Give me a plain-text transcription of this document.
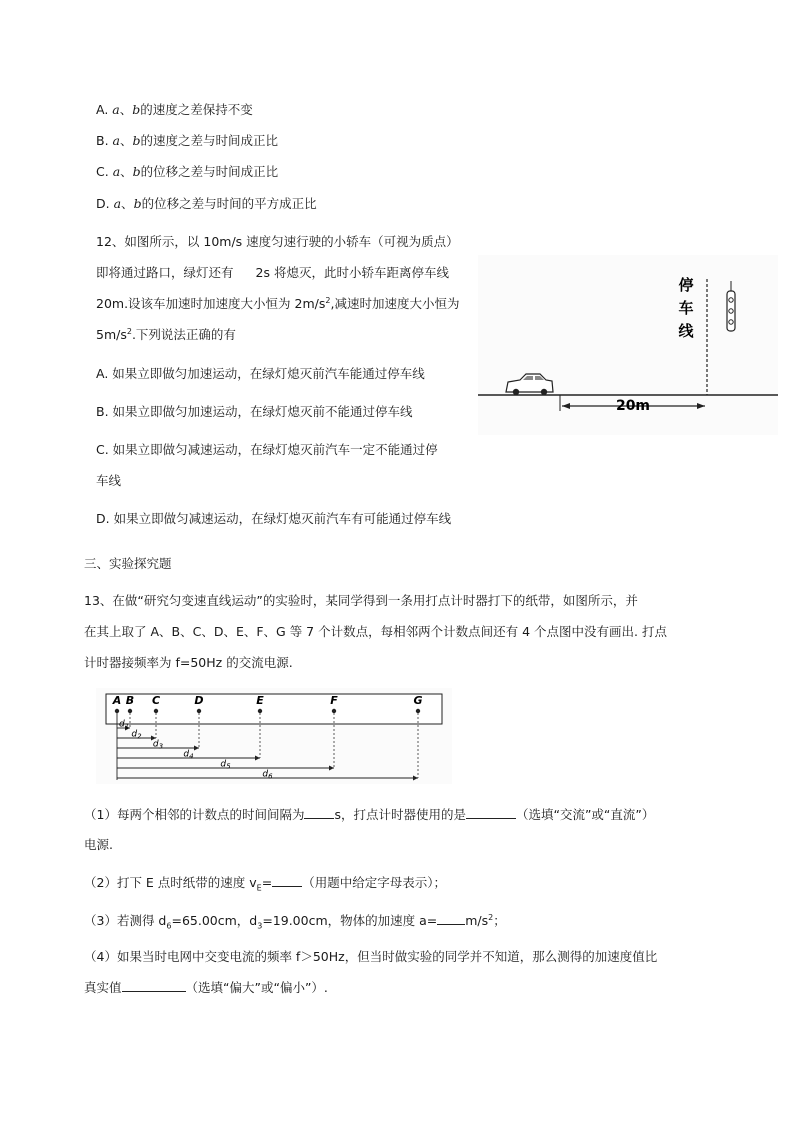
A. a、b的速度之差保持不变
B. a、b的速度之差与时间成正比
C. a、b的位移之差与时间成正比
D. a、b的位移之差与时间的平方成正比
12、如图所示，以 10m/s 速度匀速行驶的小轿车（可视为质点）
即将通过路口，绿灯还有 2s 将熄灭，此时小轿车距离停车线
20m.设该车加速时加速度大小恒为 $2m/s^2$,减速时加速度大小恒为
$5m/s^2$.下列说法正确的有
A. 如果立即做匀加速运动，在绿灯熄灭前汽车能通过停车线
B. 如果立即做匀加速运动，在绿灯熄灭前不能通过停车线
C. 如果立即做匀减速运动，在绿灯熄灭前汽车一定不能通过停
车线
D. 如果立即做匀减速运动，在绿灯熄灭前汽车有可能通过停车线
停
车
线
20m
三、实验探究题
13、在做“研究匀变速直线运动”的实验时，某同学得到一条用打点计时器打下的纸带，如图所示，并
在其上取了 A、B、C、D、E、F、G 等 7 个计数点，每相邻两个计数点间还有 4 个点图中没有画出. 打点
计时器接频率为 f=50Hz 的交流电源.
A B C	D	E	F	G
$d_1$
$d_2$
$d_3$
$d_4$
$d_5$
$d_6$
（1）每两个相邻的计数点的时间间隔为 s，打点计时器使用的是	（选填“交流”或“直流”）
电源.
（2）打下 E 点时纸带的速度 $v_E=$ （用题中给定字母表示）；
（3）若测得 $d_6=65.00cm$，$d_3=19.00cm$，物体的加速度 $a= m/s^2$；
（4）如果当时电网中交变电流的频率 f＞50Hz，但当时做实验的同学并不知道，那么测得的加速度值比
真实值	（选填“偏大”或“偏小”）.
